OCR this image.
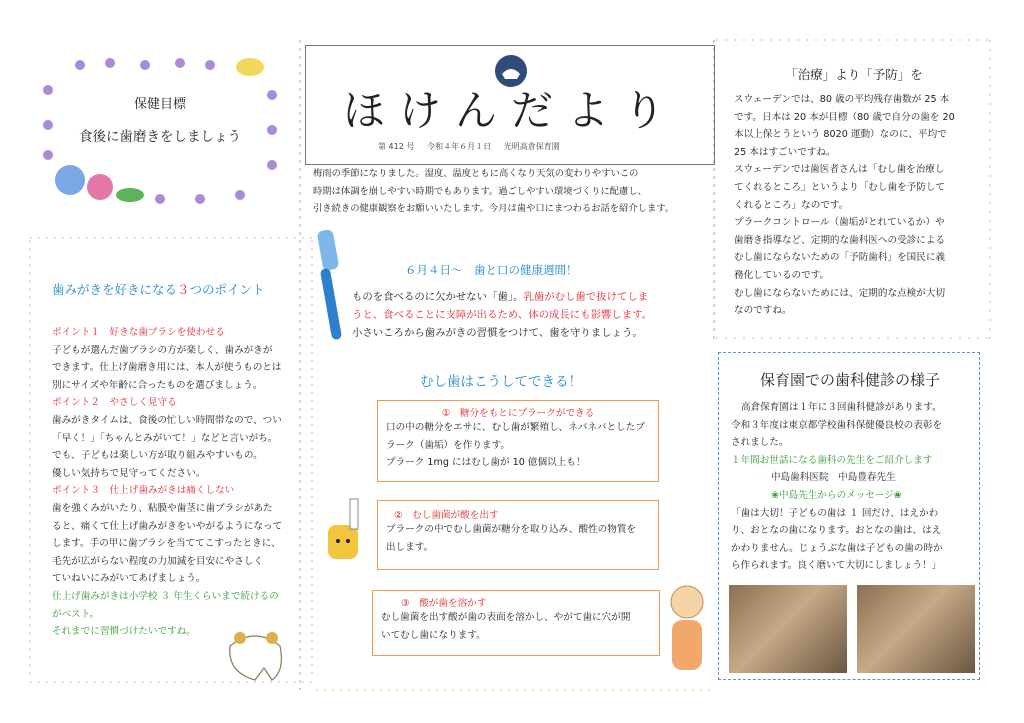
保健目標
食後に歯磨きをしましょう
ほけんだより
第 412 号 令和４年６月１日 光明高倉保育園
梅雨の季節になりました。湿度、温度ともに高くなり天気の変わりやすいこの
時期は体調を崩しやすい時期でもあります。過ごしやすい環境づくりに配慮し、
引き続きの健康観察をお願いいたします。今月は歯や口にまつわるお話を紹介します。
歯みがきを好きになる３つのポイント
ポイント１　好きな歯ブラシを使わせる
子どもが選んだ歯ブラシの方が楽しく、歯みがきが
できます。仕上げ歯磨き用には、本人が使うものとは
別にサイズや年齢に合ったものを選びましょう。
ポイント２　やさしく見守る
歯みがきタイムは、食後の忙しい時間帯なので、つい
「早く！」「ちゃんとみがいて！」などと言いがち。
でも、子どもは楽しい方が取り組みやすいもの。
優しい気持ちで見守ってください。
ポイント３　仕上げ歯みがきは痛くしない
歯を強くみがいたり、粘膜や歯茎に歯ブラシがあた
ると、痛くて仕上げ歯みがきをいやがるようになって
します。手の甲に歯ブラシを当ててこすったときに、
毛先が広がらない程度の力加減を目安にやさしく
ていねいにみがいてあげましょう。
仕上げ歯みがきは小学校 ３ 年生くらいまで続けるの
がベスト。
それまでに習慣づけたいですね。
６月４日～　歯と口の健康週間！
ものを食べるのに欠かせない「歯」。乳歯がむし歯で抜けてしま
うと、食べることに支障が出るため、体の成長にも影響します。
小さいころから歯みがきの習慣をつけて、歯を守りましょう。
むし歯はこうしてできる！
①　糖分をもとにプラークができる
口の中の糖分をエサに、むし歯が繁殖し、ネバネバとしたプ
ラーク（歯垢）を作ります。
プラーク 1mg にはむし歯が 10 億個以上も！
②　むし歯菌が酸を出す
プラークの中でむし歯菌が糖分を取り込み、酸性の物質を
出します。
③　酸が歯を溶かす
むし歯菌を出す酸が歯の表面を溶かし、やがて歯に穴が開
いてむし歯になります。
「治療」より「予防」を
スウェーデンでは、80 歳の平均残存歯数が 25 本
です。日本は 20 本が目標（80 歳で自分の歯を 20
本以上保とうという 8020 運動）なのに、平均で
25 本はすごいですね。
スウェーデンでは歯医者さんは「むし歯を治療し
てくれるところ」というより「むし歯を予防して
くれるところ」なのです。
プラークコントロール（歯垢がとれているか）や
歯磨き指導など、定期的な歯科医への受診による
むし歯にならないための「予防歯科」を国民に義
務化しているのです。
むし歯にならないためには、定期的な点検が大切
なのですね。
保育園での歯科健診の様子
高倉保育園は１年に３回歯科健診があります。
令和３年度は東京都学校歯科保健優良校の表彰を
されました。
１年間お世話になる歯科の先生をご紹介します
中島歯科医院　中島豊春先生
❀中島先生からのメッセージ❀
「歯は大切！子どもの歯は １ 回だけ、はえかわ
り、おとなの歯になります。おとなの歯は、はえ
かわりません。じょうぶな歯は子どもの歯の時か
ら作られます。良く磨いて大切にしましょう！」
